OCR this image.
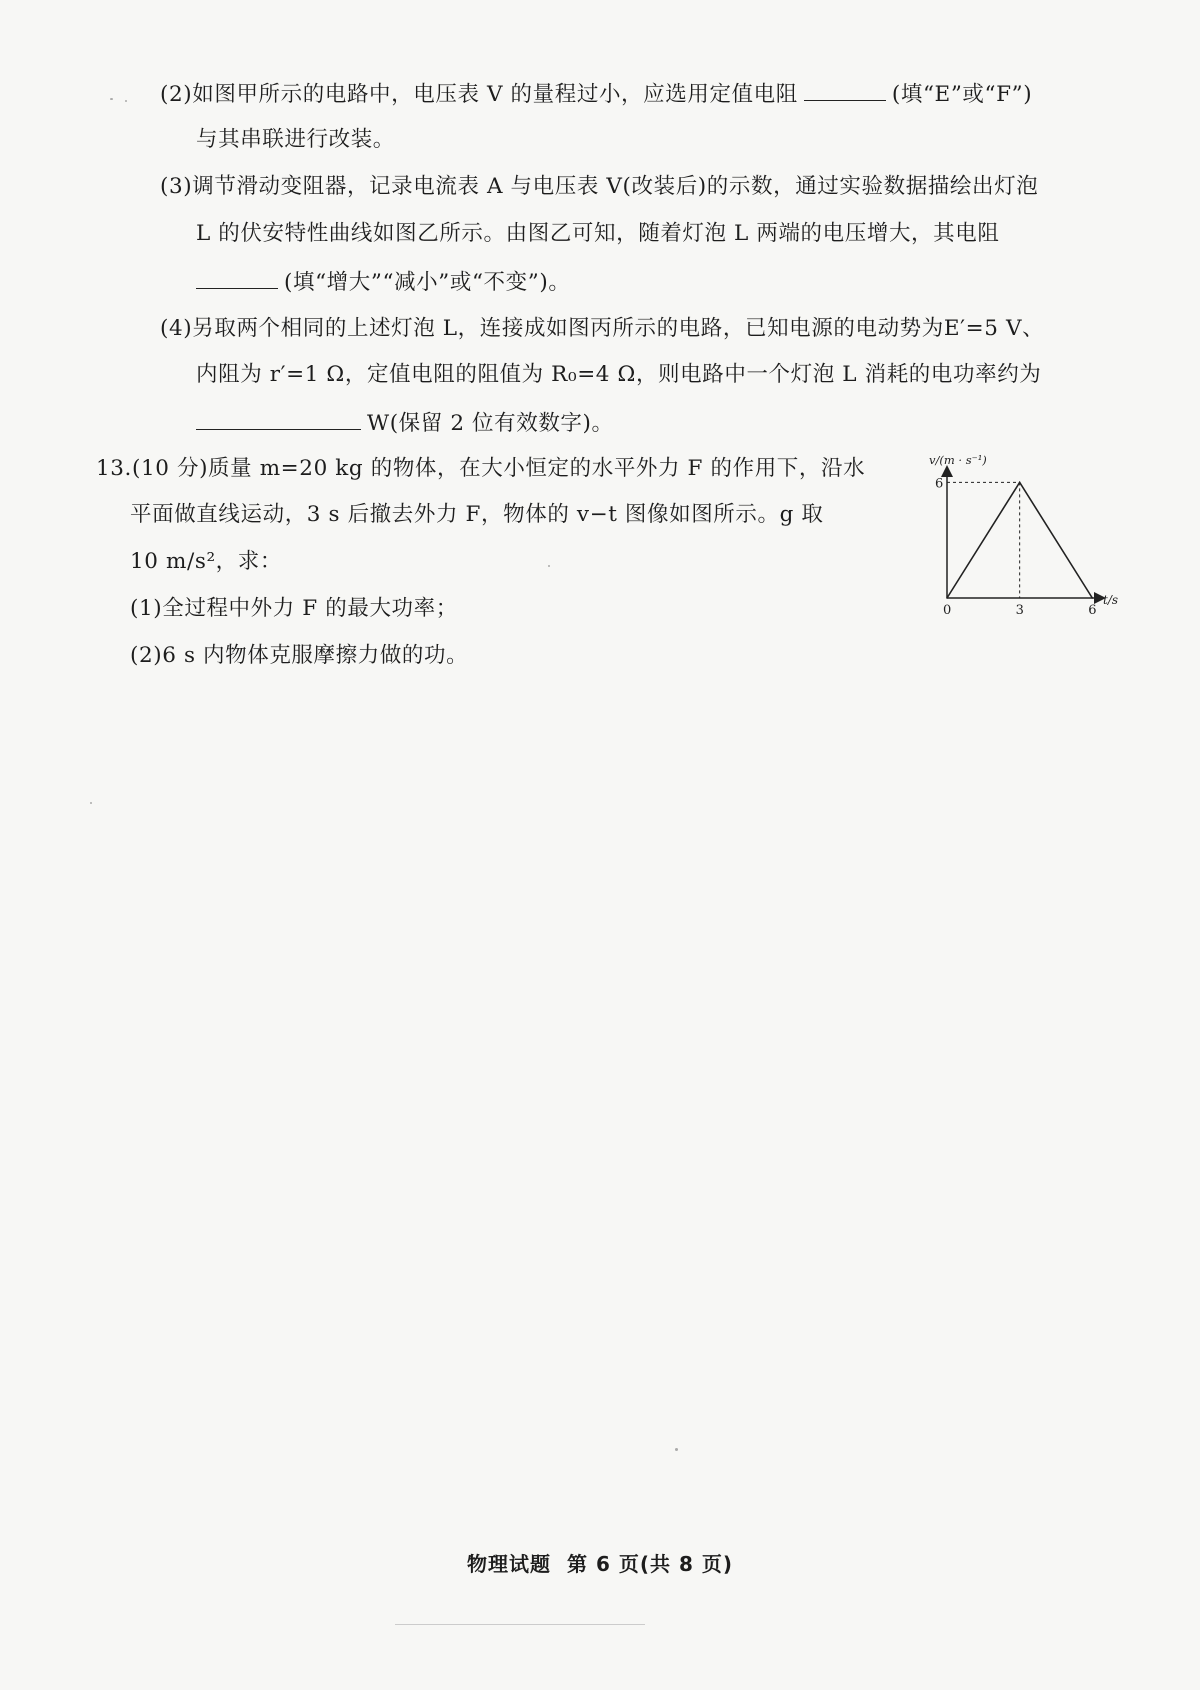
(2)如图甲所示的电路中，电压表 V 的量程过小，应选用定值电阻	(填“E”或“F”)
与其串联进行改装。
(3)调节滑动变阻器，记录电流表 A 与电压表 V(改装后)的示数，通过实验数据描绘出灯泡
L 的伏安特性曲线如图乙所示。由图乙可知，随着灯泡 L 两端的电压增大，其电阻
(填“增大”“减小”或“不变”)。
(4)另取两个相同的上述灯泡 L，连接成如图丙所示的电路，已知电源的电动势为E′=5 V、
内阻为 r′=1 Ω，定值电阻的阻值为 R₀=4 Ω，则电路中一个灯泡 L 消耗的电功率约为
W(保留 2 位有效数字)。
13.(10 分)质量 m=20 kg 的物体，在大小恒定的水平外力 F 的作用下，沿水
平面做直线运动，3 s 后撤去外力 F，物体的 v−t 图像如图所示。g 取
10 m/s²，求：
(1)全过程中外力 F 的最大功率；
(2)6 s 内物体克服摩擦力做的功。
v/(m · s⁻¹)
t/s
0	3	6
6
物理试题 第 6 页(共 8 页)
